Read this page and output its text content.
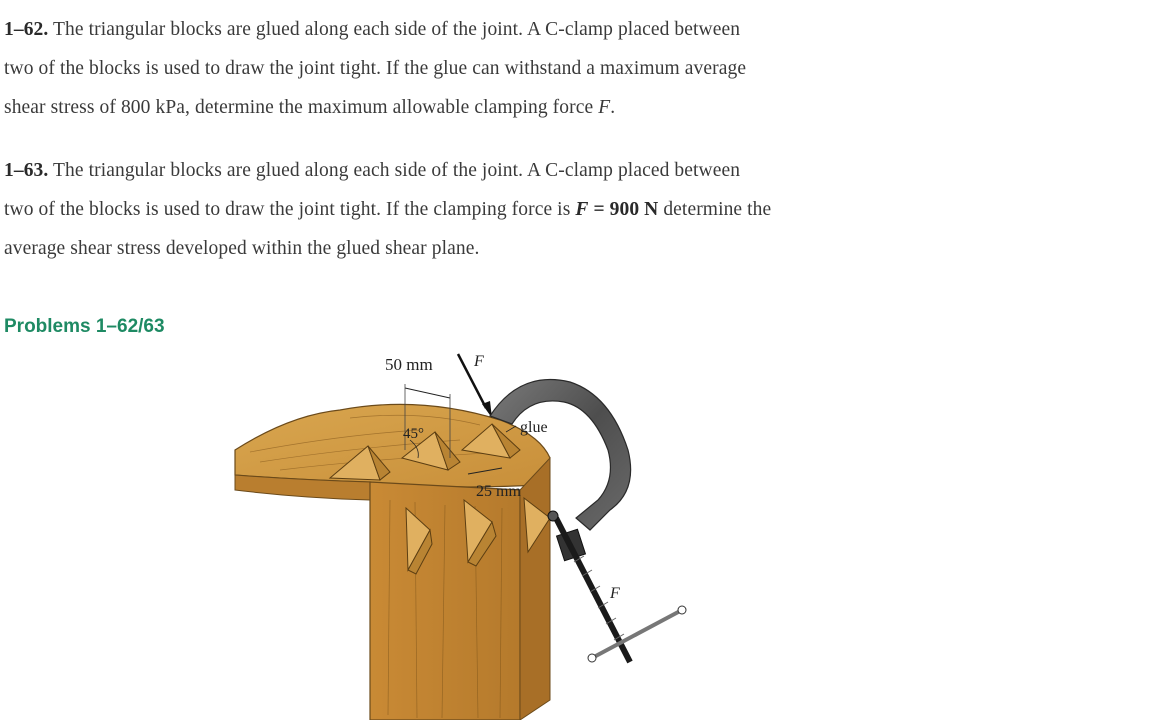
1–62. The triangular blocks are glued along each side of the joint. A C-clamp placed between
two of the blocks is used to draw the joint tight. If the glue can withstand a maximum average
shear stress of 800 kPa, determine the maximum allowable clamping force F.
1–63. The triangular blocks are glued along each side of the joint. A C-clamp placed between
two of the blocks is used to draw the joint tight. If the clamping force is F = 900 N determine the
average shear stress developed within the glued shear plane.
Problems 1–62/63
50 mm
45°
F
25 mm
glue
F
